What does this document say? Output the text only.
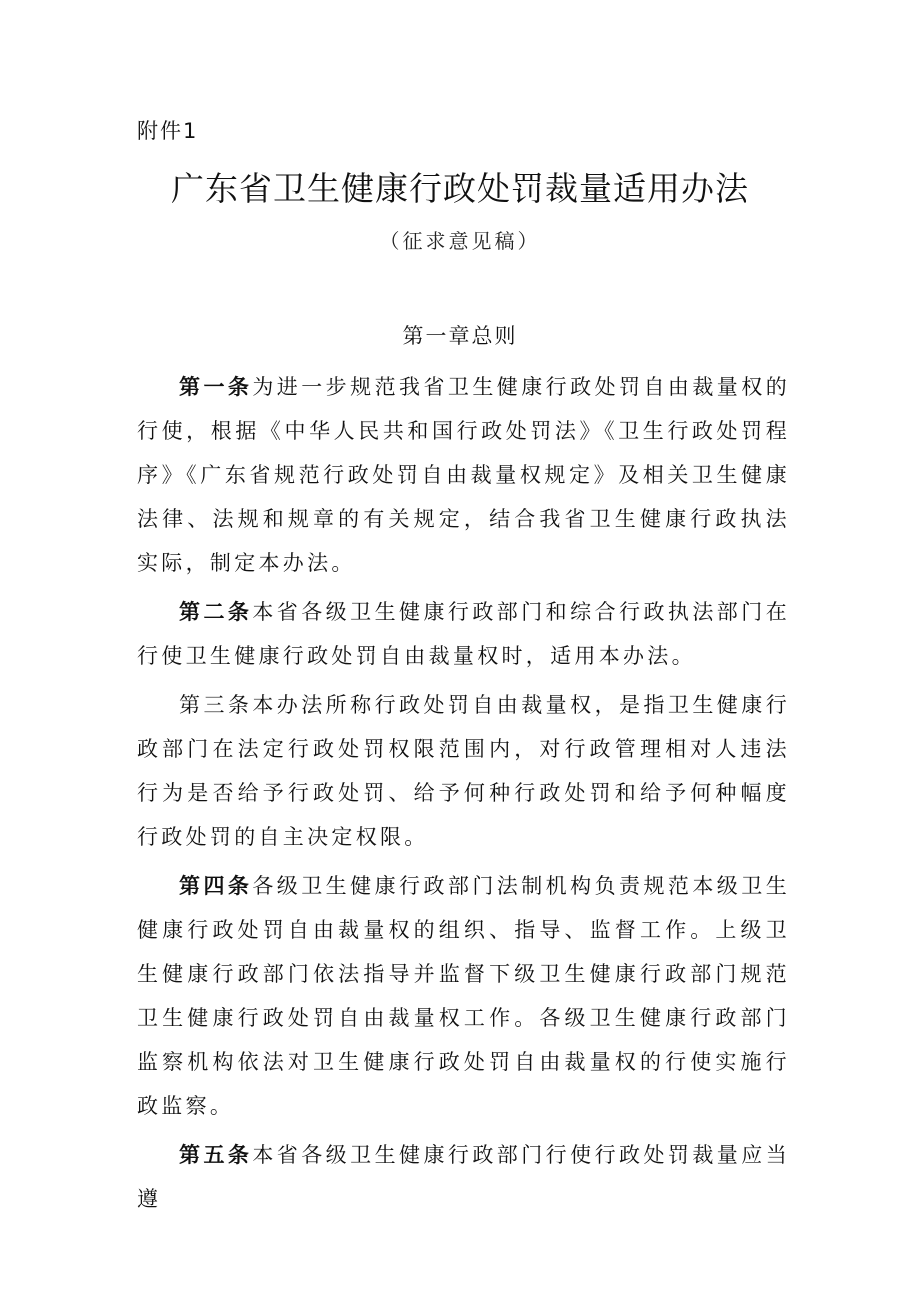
附件1
广东省卫生健康行政处罚裁量适用办法
（征求意见稿）
第一章总则

第一条为进一步规范我省卫生健康行政处罚自由裁量权的行使，根据《中华人民共和国行政处罚法》《卫生行政处罚程序》《广东省规范行政处罚自由裁量权规定》及相关卫生健康法律、法规和规章的有关规定，结合我省卫生健康行政执法实际，制定本办法。

第二条本省各级卫生健康行政部门和综合行政执法部门在行使卫生健康行政处罚自由裁量权时，适用本办法。

第三条本办法所称行政处罚自由裁量权，是指卫生健康行政部门在法定行政处罚权限范围内，对行政管理相对人违法行为是否给予行政处罚、给予何种行政处罚和给予何种幅度行政处罚的自主决定权限。

第四条各级卫生健康行政部门法制机构负责规范本级卫生健康行政处罚自由裁量权的组织、指导、监督工作。上级卫生健康行政部门依法指导并监督下级卫生健康行政部门规范卫生健康行政处罚自由裁量权工作。各级卫生健康行政部门监察机构依法对卫生健康行政处罚自由裁量权的行使实施行政监察。

第五条本省各级卫生健康行政部门行使行政处罚裁量应当遵
